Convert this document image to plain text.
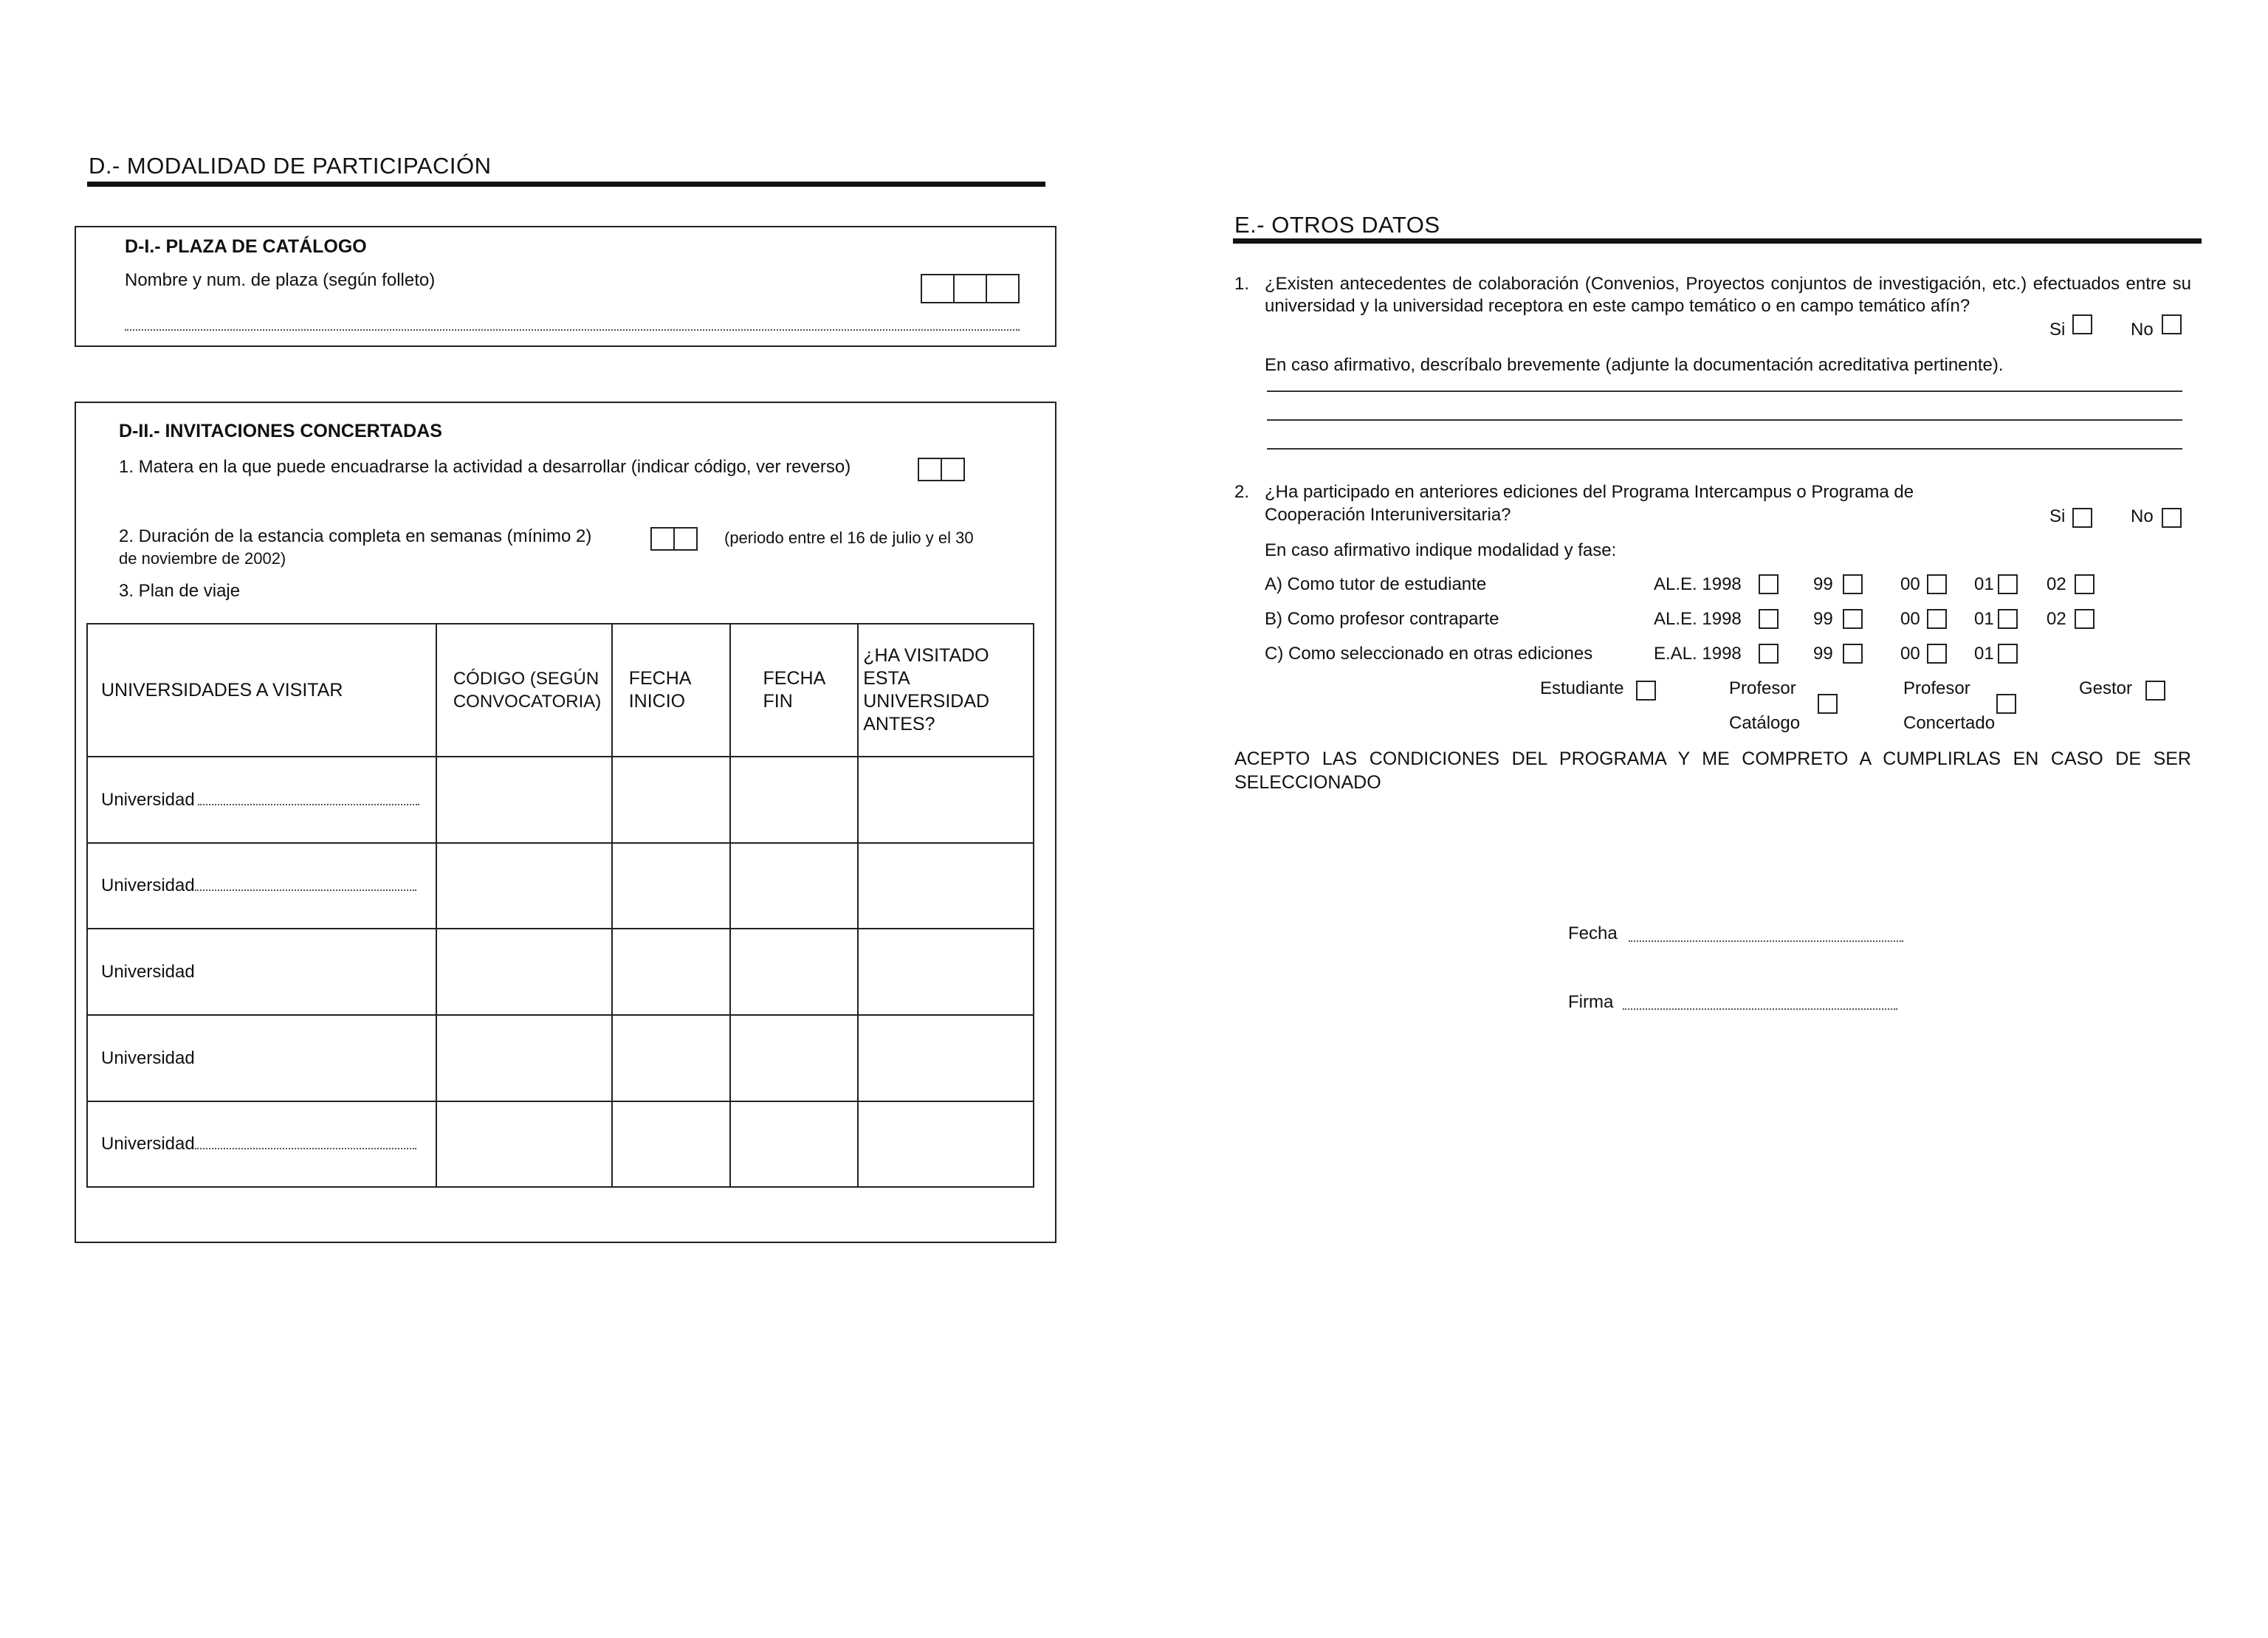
D.- MODALIDAD DE PARTICIPACIÓN
D-I.- PLAZA DE CATÁLOGO
Nombre y num. de plaza (según folleto)
D-II.- INVITACIONES CONCERTADAS
1. Matera en la que puede encuadrarse la actividad a desarrollar (indicar código, ver reverso)
2. Duración de la estancia completa en semanas (mínimo 2)	(periodo entre el 16 de julio y el 30
de noviembre de 2002)
3. Plan de viaje
UNIVERSIDADES A VISITAR	CÓDIGO (SEGÚN CONVOCATORIA)	FECHA INICIO	FECHA FIN	¿HA VISITADO ESTA UNIVERSIDAD ANTES?

Universidad				
Universidad				
Universidad				
Universidad				
Universidad				
E.- OTROS DATOS
1. ¿Existen antecedentes de colaboración (Convenios, Proyectos conjuntos de investigación, etc.) efectuados entre su universidad y la universidad receptora en este campo temático o en campo temático afín?
Si	No
En caso afirmativo, descríbalo brevemente (adjunte la documentación acreditativa pertinente).
2. ¿Ha participado en anteriores ediciones del Programa Intercampus o Programa de
Cooperación Interuniversitaria?	Si	No
En caso afirmativo indique modalidad y fase:
A) Como tutor de estudiante	AL.E. 1998	99	00	01	02
B) Como profesor contraparte	AL.E. 1998	99	00	01	02
C) Como seleccionado en otras ediciones	E.AL. 1998	99	00	01
Estudiante	Profesor
Catálogo
Profesor
Concertado
Gestor
ACEPTO LAS CONDICIONES DEL PROGRAMA Y ME COMPRETO A CUMPLIRLAS EN CASO DE SER SELECCIONADO
Fecha
Firma
